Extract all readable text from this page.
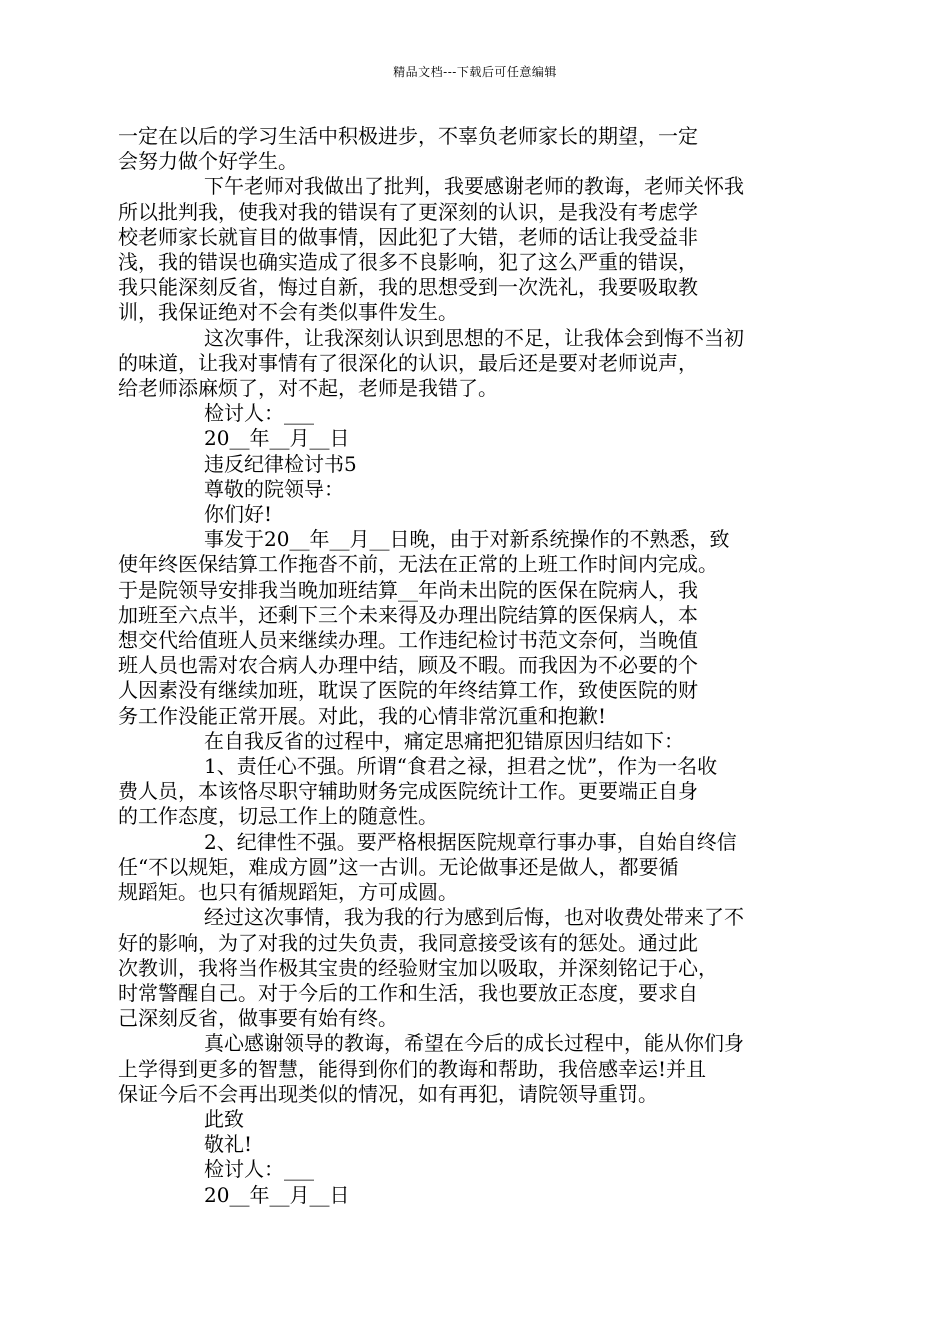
精品文档---下载后可任意编辑
一定在以后的学习生活中积极进步，不辜负老师家长的期望，一定
会努力做个好学生。
下午老师对我做出了批判，我要感谢老师的教诲，老师关怀我
所以批判我，使我对我的错误有了更深刻的认识，是我没有考虑学
校老师家长就盲目的做事情，因此犯了大错，老师的话让我受益非
浅，我的错误也确实造成了很多不良影响，犯了这么严重的错误，
我只能深刻反省，悔过自新，我的思想受到一次洗礼，我要吸取教
训，我保证绝对不会有类似事件发生。
这次事件，让我深刻认识到思想的不足，让我体会到悔不当初
的味道，让我对事情有了很深化的认识，最后还是要对老师说声，
给老师添麻烦了，对不起，老师是我错了。
检讨人：___
20__年__月__日
违反纪律检讨书5
尊敬的院领导：
你们好!
事发于20__年__月__日晚，由于对新系统操作的不熟悉，致
使年终医保结算工作拖沓不前，无法在正常的上班工作时间内完成。
于是院领导安排我当晚加班结算__年尚未出院的医保在院病人，我
加班至六点半，还剩下三个未来得及办理出院结算的医保病人，本
想交代给值班人员来继续办理。工作违纪检讨书范文奈何，当晚值
班人员也需对农合病人办理中结，顾及不暇。而我因为不必要的个
人因素没有继续加班，耽误了医院的年终结算工作，致使医院的财
务工作没能正常开展。对此，我的心情非常沉重和抱歉!
在自我反省的过程中，痛定思痛把犯错原因归结如下：
1、责任心不强。所谓“食君之禄，担君之忧”，作为一名收
费人员，本该恪尽职守辅助财务完成医院统计工作。更要端正自身
的工作态度，切忌工作上的随意性。
2、纪律性不强。要严格根据医院规章行事办事，自始自终信
任“不以规矩，难成方圆”这一古训。无论做事还是做人，都要循
规蹈矩。也只有循规蹈矩，方可成圆。
经过这次事情，我为我的行为感到后悔，也对收费处带来了不
好的影响，为了对我的过失负责，我同意接受该有的惩处。通过此
次教训，我将当作极其宝贵的经验财宝加以吸取，并深刻铭记于心，
时常警醒自己。对于今后的工作和生活，我也要放正态度，要求自
己深刻反省，做事要有始有终。
真心感谢领导的教诲，希望在今后的成长过程中，能从你们身
上学得到更多的智慧，能得到你们的教诲和帮助，我倍感幸运!并且
保证今后不会再出现类似的情况，如有再犯，请院领导重罚。
此致
敬礼!
检讨人：___
20__年__月__日
